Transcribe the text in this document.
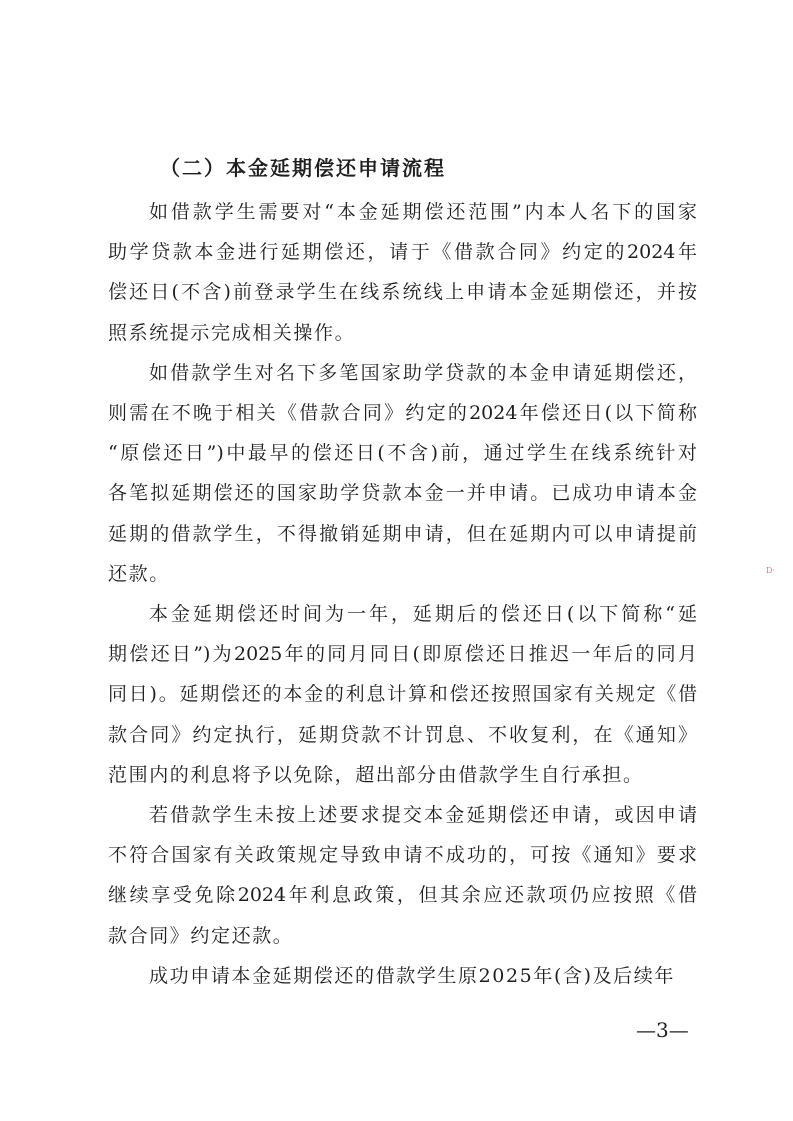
（二）本金延期偿还申请流程
如借款学生需要对“本金延期偿还范围”内本人名下的国家
助学贷款本金进行延期偿还，请于《借款合同》约定的2024年
偿还日(不含)前登录学生在线系统线上申请本金延期偿还，并按
照系统提示完成相关操作。
如借款学生对名下多笔国家助学贷款的本金申请延期偿还，
则需在不晚于相关《借款合同》约定的2024年偿还日(以下简称
“原偿还日”)中最早的偿还日(不含)前，通过学生在线系统针对
各笔拟延期偿还的国家助学贷款本金一并申请。已成功申请本金
延期的借款学生，不得撤销延期申请，但在延期内可以申请提前
还款。
本金延期偿还时间为一年，延期后的偿还日(以下简称“延
期偿还日”)为2025年的同月同日(即原偿还日推迟一年后的同月
同日)。延期偿还的本金的利息计算和偿还按照国家有关规定《借
款合同》约定执行，延期贷款不计罚息、不收复利，在《通知》
范围内的利息将予以免除，超出部分由借款学生自行承担。
若借款学生未按上述要求提交本金延期偿还申请，或因申请
不符合国家有关政策规定导致申请不成功的，可按《通知》要求
继续享受免除2024年利息政策，但其余应还款项仍应按照《借
款合同》约定还款。
成功申请本金延期偿还的借款学生原2025年(含)及后续年
D·
—3—
